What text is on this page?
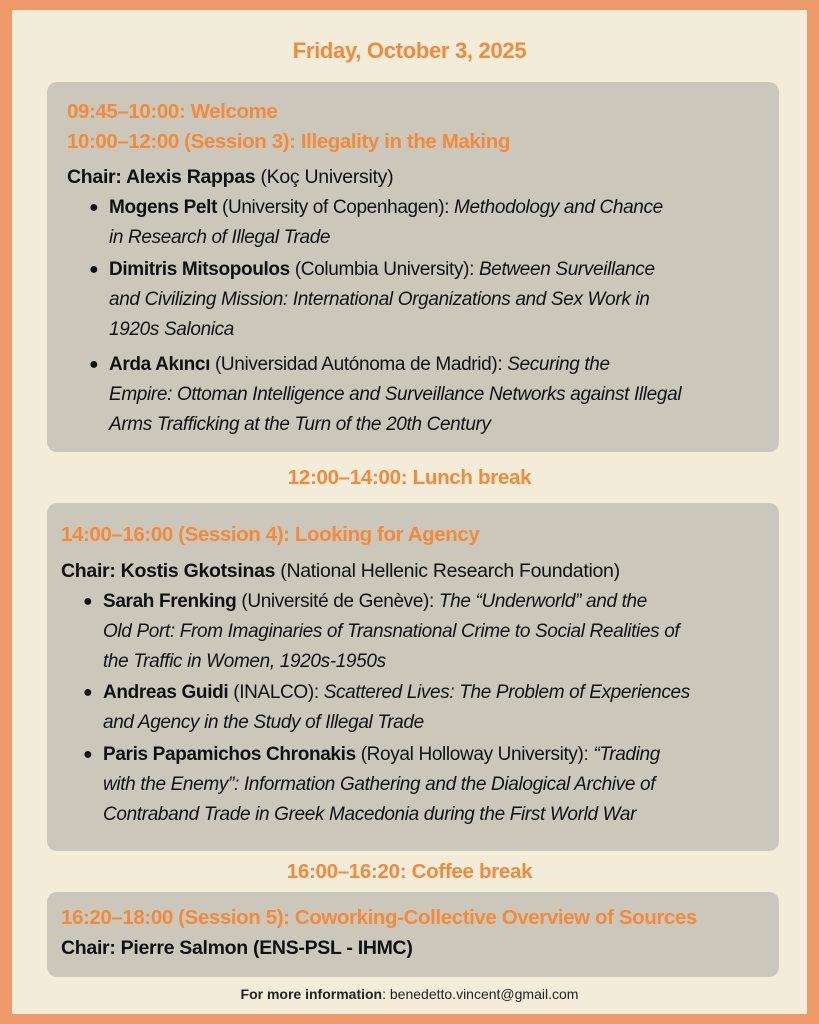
Friday, October 3, 2025
09:45–10:00: Welcome
10:00–12:00 (Session 3): Illegality in the Making
Chair: Alexis Rappas (Koç University)
● Mogens Pelt (University of Copenhagen): Methodology and Chance
in Research of Illegal Trade
● Dimitris Mitsopoulos (Columbia University): Between Surveillance
and Civilizing Mission: International Organizations and Sex Work in
1920s Salonica
● Arda Akıncı (Universidad Autónoma de Madrid): Securing the
Empire: Ottoman Intelligence and Surveillance Networks against Illegal
Arms Trafficking at the Turn of the 20th Century
12:00–14:00: Lunch break
14:00–16:00 (Session 4): Looking for Agency
Chair: Kostis Gkotsinas (National Hellenic Research Foundation)
● Sarah Frenking (Université de Genève): The “Underworld” and the
Old Port: From Imaginaries of Transnational Crime to Social Realities of
the Traffic in Women, 1920s-1950s
● Andreas Guidi (INALCO): Scattered Lives: The Problem of Experiences
and Agency in the Study of Illegal Trade
● Paris Papamichos Chronakis (Royal Holloway University): “Trading
with the Enemy”: Information Gathering and the Dialogical Archive of
Contraband Trade in Greek Macedonia during the First World War
16:00–16:20: Coffee break
16:20–18:00 (Session 5): Coworking-Collective Overview of Sources
Chair: Pierre Salmon (ENS-PSL - IHMC)
For more information: benedetto.vincent@gmail.com
